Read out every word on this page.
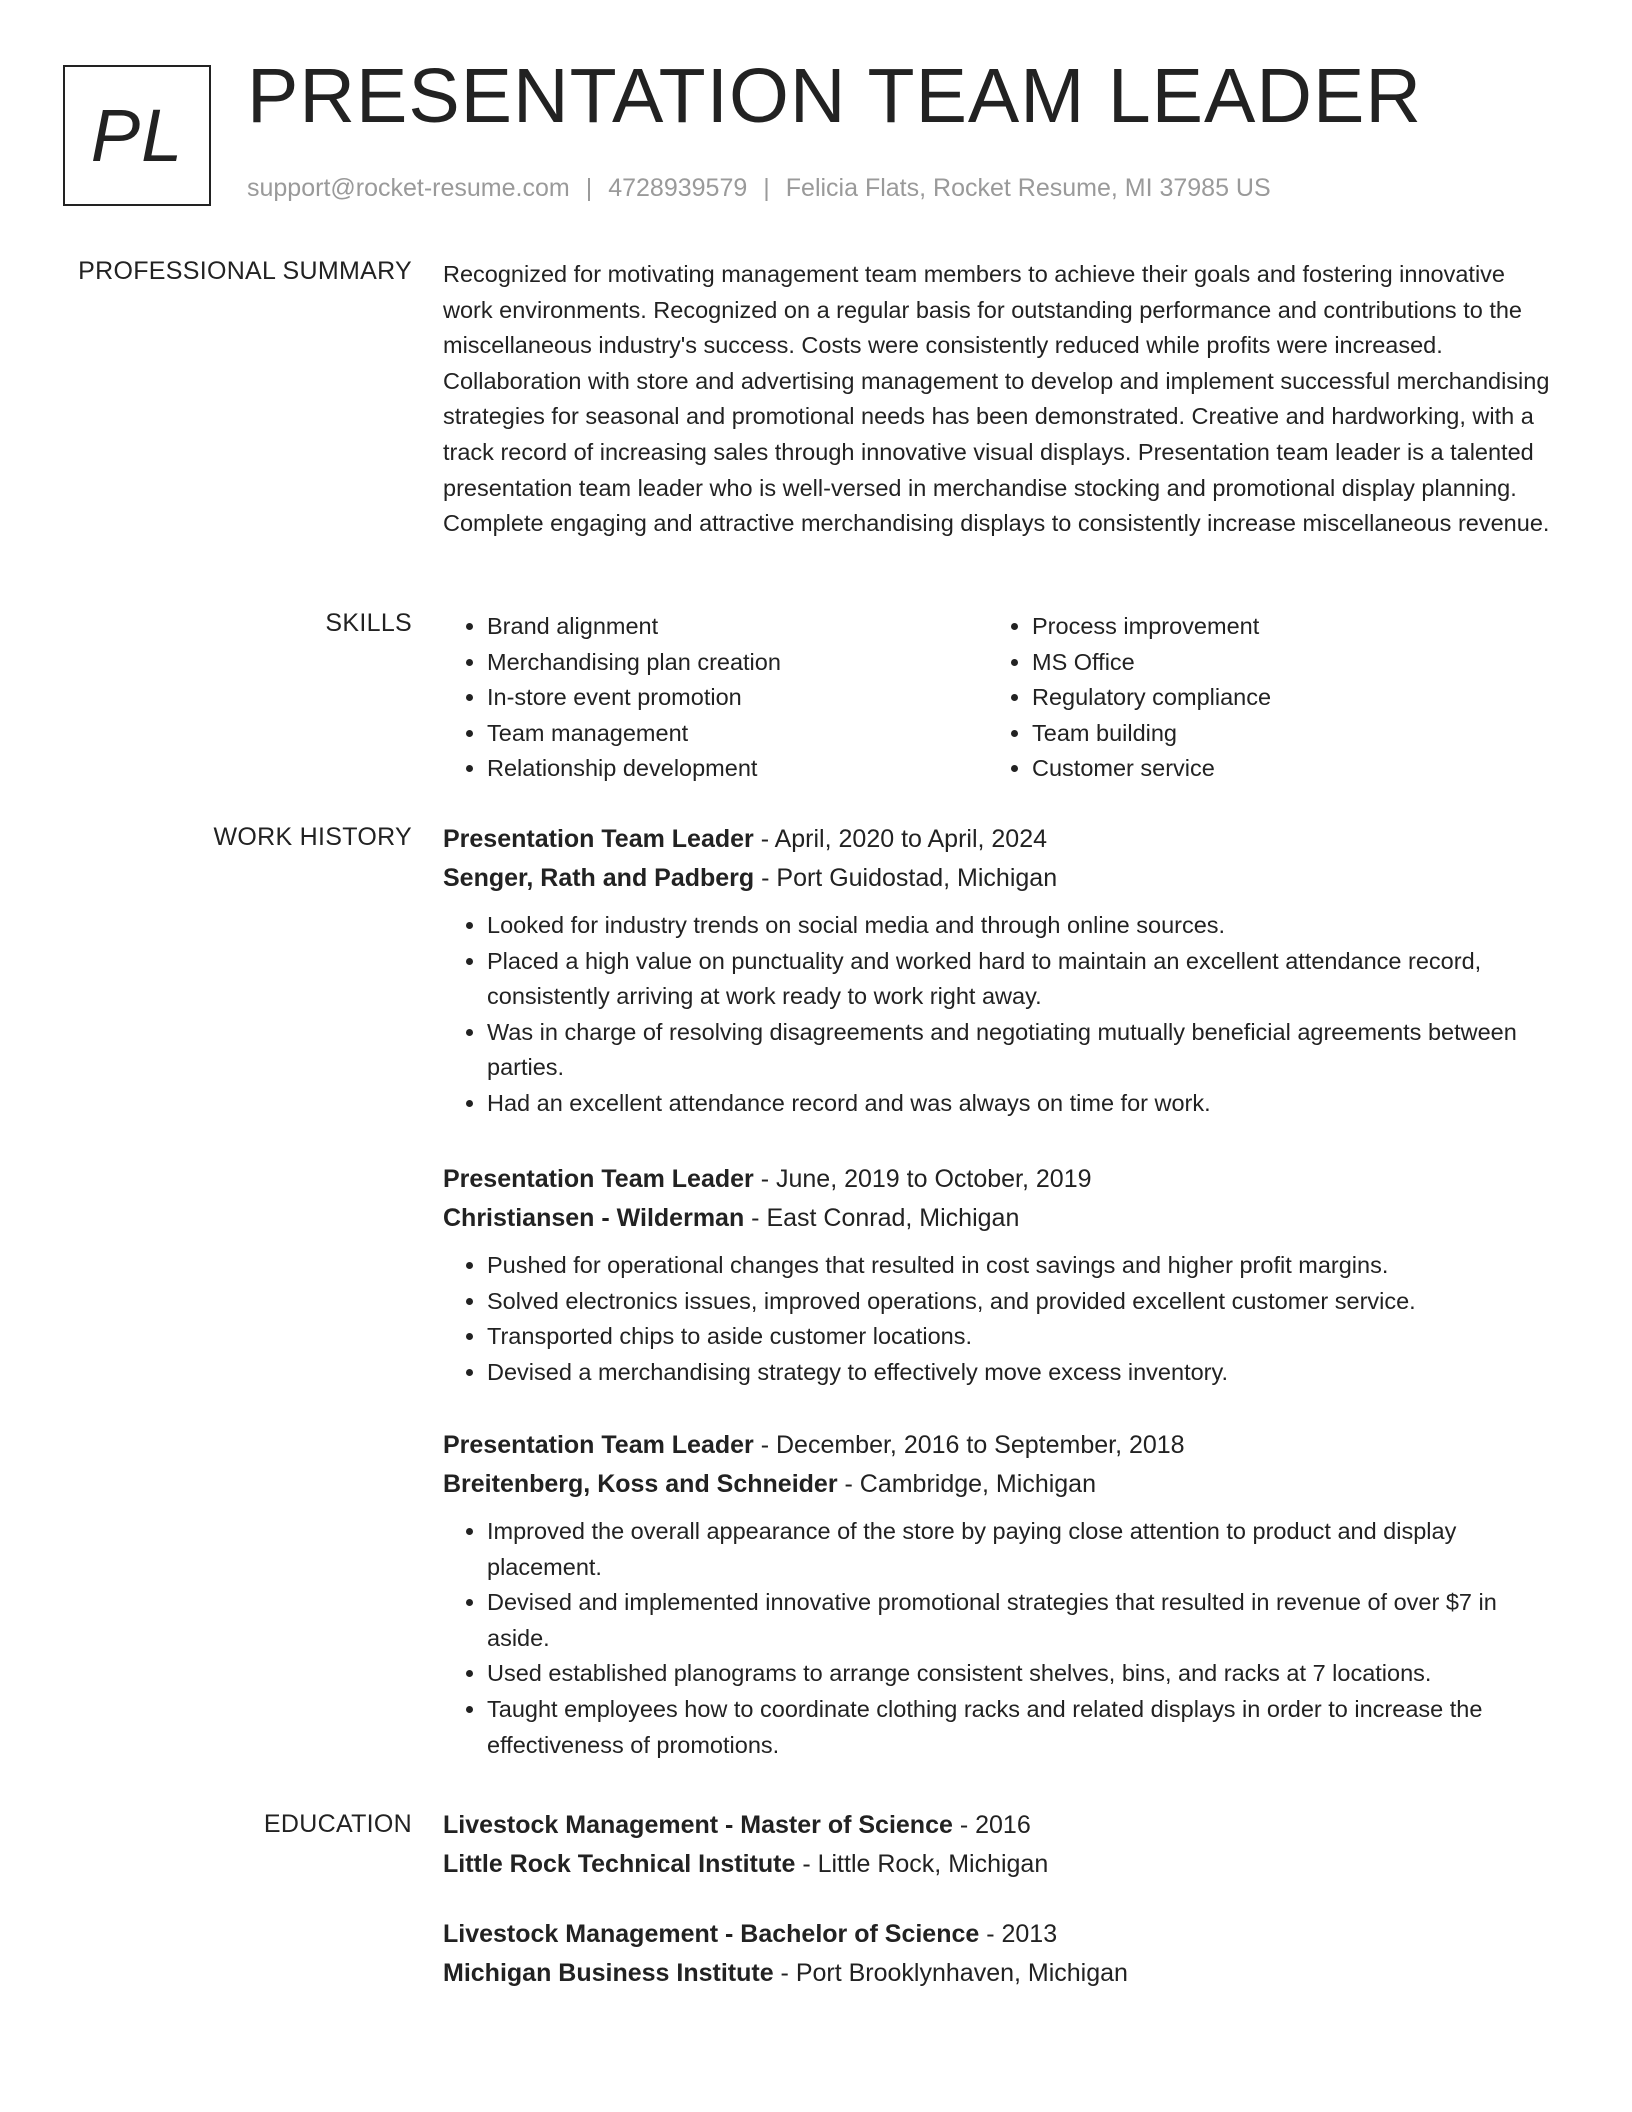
PL PRESENTATION TEAM LEADER
support@rocket-resume.com | 4728939579 | Felicia Flats, Rocket Resume, MI 37985 US
PROFESSIONAL SUMMARY Recognized for motivating management team members to achieve their goals and fostering innovative work environments. Recognized on a regular basis for outstanding performance and contributions to the miscellaneous industry's success. Costs were consistently reduced while profits were increased. Collaboration with store and advertising management to develop and implement successful merchandising strategies for seasonal and promotional needs has been demonstrated. Creative and hardworking, with a track record of increasing sales through innovative visual displays. Presentation team leader is a talented presentation team leader who is well-versed in merchandise stocking and promotional display planning. Complete engaging and attractive merchandising displays to consistently increase miscellaneous revenue.
SKILLS
•	Brand alignment
• Merchandising plan creation
• In-store event promotion
• Team management
• Relationship development
• Process improvement
• MS Office
• Regulatory compliance
• Team building
• Customer service
WORK HISTORY Presentation Team Leader - April, 2020 to April, 2024
Senger, Rath and Padberg - Port Guidostad, Michigan
• Looked for industry trends on social media and through online sources.
• Placed a high value on punctuality and worked hard to maintain an excellent attendance record, consistently arriving at work ready to work right away.
• Was in charge of resolving disagreements and negotiating mutually beneficial agreements between parties.
• Had an excellent attendance record and was always on time for work.
Presentation Team Leader - June, 2019 to October, 2019
Christiansen - Wilderman - East Conrad, Michigan
• Pushed for operational changes that resulted in cost savings and higher profit margins.
• Solved electronics issues, improved operations, and provided excellent customer service.
• Transported chips to aside customer locations.
• Devised a merchandising strategy to effectively move excess inventory.
Presentation Team Leader - December, 2016 to September, 2018
Breitenberg, Koss and Schneider - Cambridge, Michigan
• Improved the overall appearance of the store by paying close attention to product and display placement.
• Devised and implemented innovative promotional strategies that resulted in revenue of over $7 in aside.
• Used established planograms to arrange consistent shelves, bins, and racks at 7 locations.
• Taught employees how to coordinate clothing racks and related displays in order to increase the effectiveness of promotions.
EDUCATION Livestock Management - Master of Science - 2016
Little Rock Technical Institute - Little Rock, Michigan
Livestock Management - Bachelor of Science - 2013
Michigan Business Institute - Port Brooklynhaven, Michigan
